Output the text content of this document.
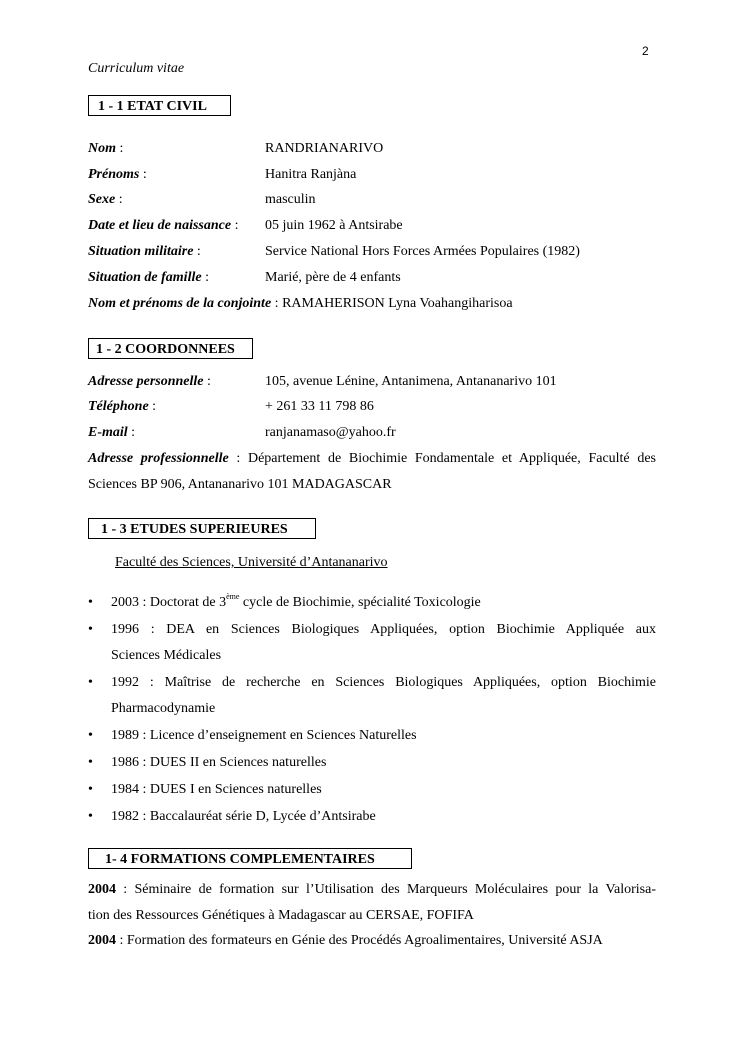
2
Curriculum vitae
1 - 1 ETAT CIVIL
Nom :	RANDRIANARIVO
Prénoms :	Hanitra Ranjàna
Sexe :	masculin
Date et lieu de naissance : 05 juin 1962 à Antsirabe
Situation militaire :	Service National Hors Forces Armées Populaires (1982)
Situation de famille :	Marié, père de 4 enfants
Nom et prénoms de la conjointe : RAMAHERISON Lyna Voahangiharisoa
1 - 2 COORDONNEES
Adresse personnelle :	105, avenue Lénine, Antanimena, Antananarivo 101
Téléphone :	+ 261 33 11 798 86
E-mail :	ranjanamaso@yahoo.fr
Adresse professionnelle : Département de Biochimie Fondamentale et Appliquée, Faculté des
Sciences BP 906, Antananarivo 101 MADAGASCAR
1 - 3 ETUDES SUPERIEURES
Faculté des Sciences, Université d’Antananarivo
• 2003 : Doctorat de 3ème cycle de Biochimie, spécialité Toxicologie
• 1996 : DEA en Sciences Biologiques Appliquées, option Biochimie Appliquée aux
Sciences Médicales
• 1992 : Maîtrise de recherche en Sciences Biologiques Appliquées, option Biochimie
Pharmacodynamie
• 1989 : Licence d’enseignement en Sciences Naturelles
• 1986 : DUES II en Sciences naturelles
• 1984 : DUES I en Sciences naturelles
• 1982 : Baccalauréat série D, Lycée d’Antsirabe
1- 4 FORMATIONS COMPLEMENTAIRES
2004 : Séminaire de formation sur l’Utilisation des Marqueurs Moléculaires pour la Valorisa-
tion des Ressources Génétiques à Madagascar au CERSAE, FOFIFA
2004 : Formation des formateurs en Génie des Procédés Agroalimentaires, Université ASJA
